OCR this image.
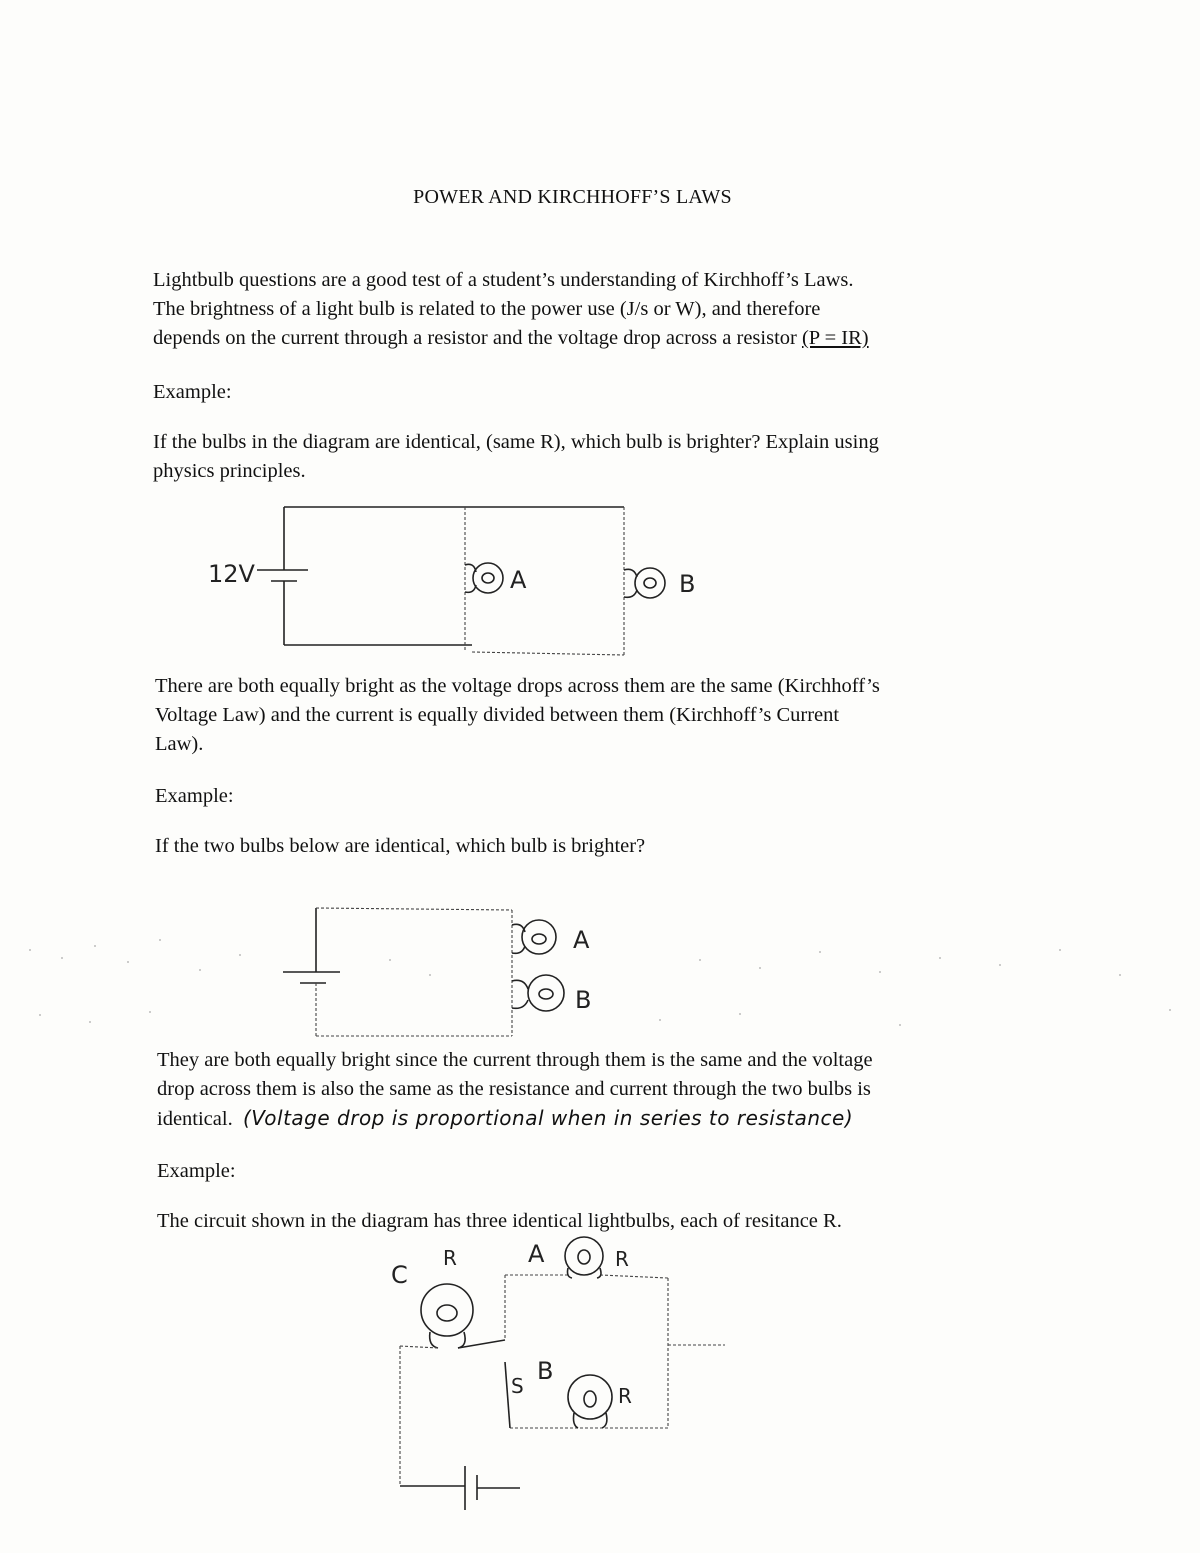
POWER AND KIRCHHOFF’S LAWS
Lightbulb questions are a good test of a student’s understanding of Kirchhoff’s Laws.
The brightness of a light bulb is related to the power use (J/s or W), and therefore
depends on the current through a resistor and the voltage drop across a resistor (P = IR)
Example:
If the bulbs in the diagram are identical, (same R), which bulb is brighter? Explain using
physics principles.
12V	A	B
There are both equally bright as the voltage drops across them are the same (Kirchhoff’s
Voltage Law) and the current is equally divided between them (Kirchhoff’s Current
Law).
Example:
If the two bulbs below are identical, which bulb is brighter?
A
B
They are both equally bright since the current through them is the same and the voltage
drop across them is also the same as the resistance and current through the two bulbs is
identical. (Voltage drop is proportional when in series to resistance)
Example:
The circuit shown in the diagram has three identical lightbulbs, each of resitance R.
C
R
S
A	R
B
R
